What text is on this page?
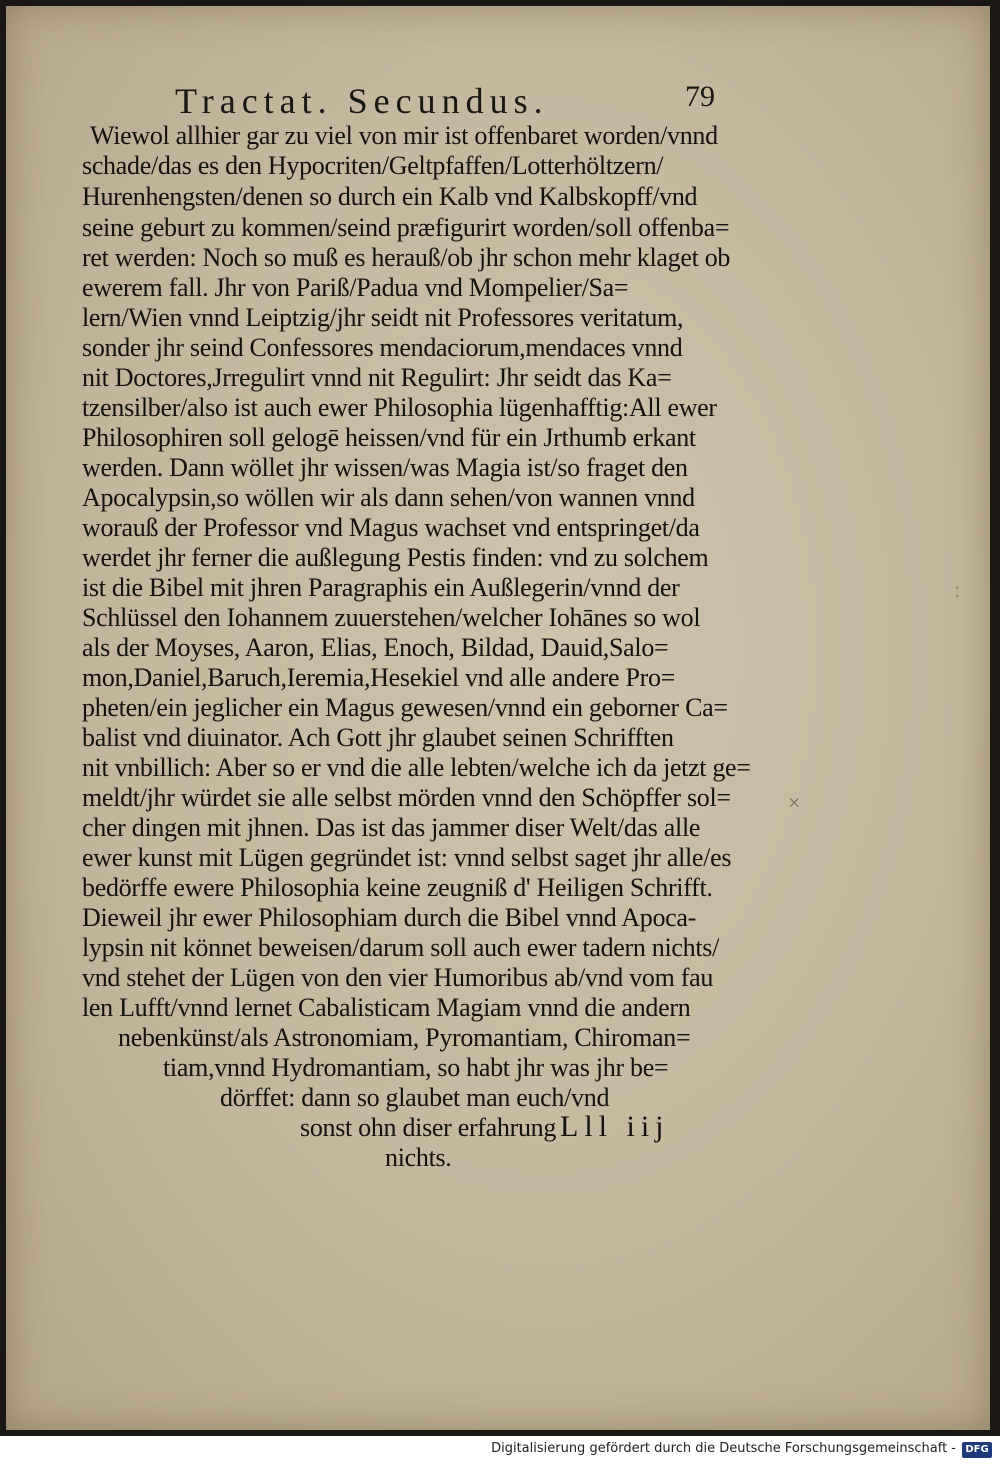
Tractat. Secundus.	79
Wiewol allhier gar zu viel von mir ist offenbaret worden/vnnd
schade/das es den Hypocriten/Geltpfaffen/Lotterhöltzern/
Hurenhengsten/denen so durch ein Kalb vnd Kalbskopff/vnd
seine geburt zu kommen/seind præfigurirt worden/soll offenba=
ret werden: Noch so muß es herauß/ob jhr schon mehr klaget ob
ewerem fall. Jhr von Pariß/Padua vnd Mompelier/Sa=
lern/Wien vnnd Leiptzig/jhr seidt nit Professores veritatum,
sonder jhr seind Confessores mendaciorum,mendaces vnnd
nit Doctores,Jrregulirt vnnd nit Regulirt: Jhr seidt das Ka=
tzensilber/also ist auch ewer Philosophia lügenhafftig:All ewer
Philosophiren soll gelogē heissen/vnd für ein Jrthumb erkant
werden. Dann wöllet jhr wissen/was Magia ist/so fraget den
Apocalypsin,so wöllen wir als dann sehen/von wannen vnnd
worauß der Professor vnd Magus wachset vnd entspringet/da
werdet jhr ferner die außlegung Pestis finden: vnd zu solchem
ist die Bibel mit jhren Paragraphis ein Außlegerin/vnnd der
Schlüssel den Iohannem zuuerstehen/welcher Iohānes so wol
als der Moyses, Aaron, Elias, Enoch, Bildad, Dauid,Salo=
mon,Daniel,Baruch,Ieremia,Hesekiel vnd alle andere Pro=
pheten/ein jeglicher ein Magus gewesen/vnnd ein geborner Ca=
balist vnd diuinator. Ach Gott jhr glaubet seinen Schrifften
nit vnbillich: Aber so er vnd die alle lebten/welche ich da jetzt ge=
meldt/jhr würdet sie alle selbst mörden vnnd den Schöpffer sol=
cher dingen mit jhnen. Das ist das jammer diser Welt/das alle
ewer kunst mit Lügen gegründet ist: vnnd selbst saget jhr alle/es
bedörffe ewere Philosophia keine zeugniß d' Heiligen Schrifft.
Dieweil jhr ewer Philosophiam durch die Bibel vnnd Apoca-
lypsin nit könnet beweisen/darum soll auch ewer tadern nichts/
vnd stehet der Lügen von den vier Humoribus ab/vnd vom fau
len Lufft/vnnd lernet Cabalisticam Magiam vnnd die andern
nebenkünst/als Astronomiam, Pyromantiam, Chiroman=
tiam,vnnd Hydromantiam, so habt jhr was jhr be=
dörffet: dann so glaubet man euch/vnd
sonst ohn diser erfahrung
nichts.
Lll iij
×
⁚
Digitalisierung gefördert durch die Deutsche Forschungsgemeinschaft - DFG
